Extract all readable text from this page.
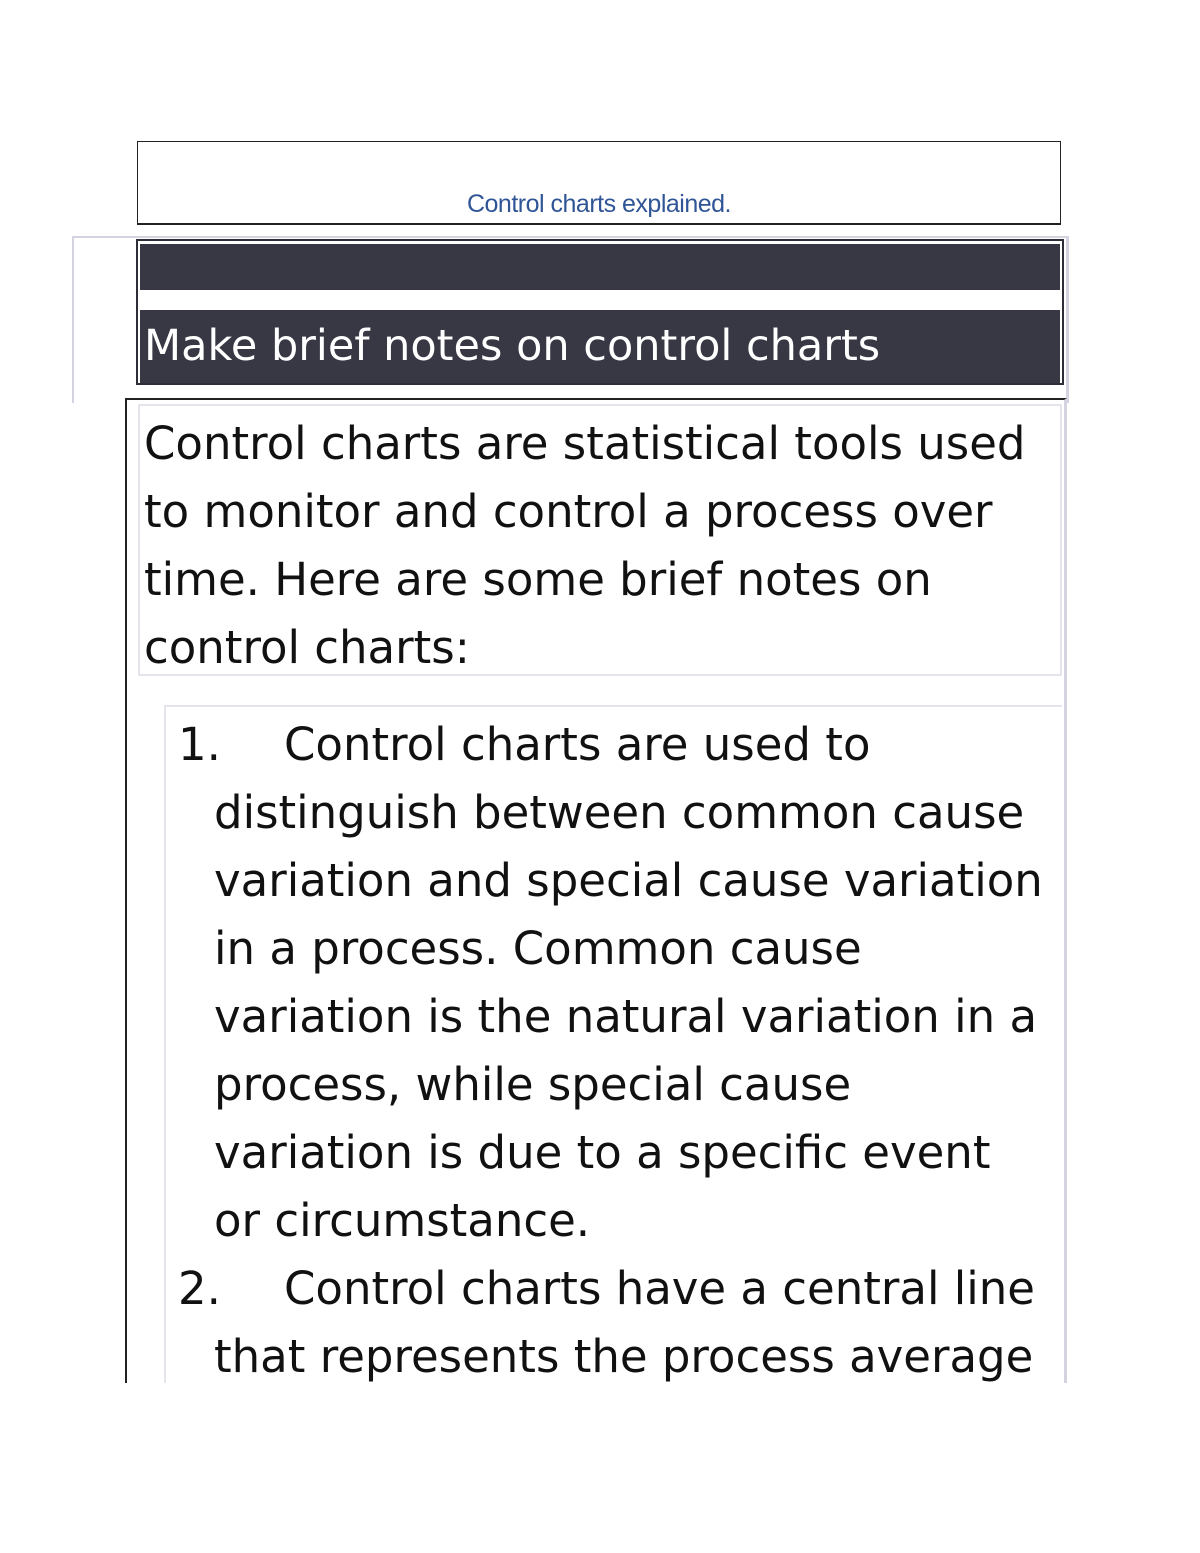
Control charts explained.
Make brief notes on control charts
Control charts are statistical tools used to monitor and control a process over time. Here are some brief notes on control charts:
1. Control charts are used to distinguish between common cause variation and special cause variation in a process. Common cause variation is the natural variation in a process, while special cause variation is due to a specific event or circumstance.
2. Control charts have a central line that represents the process average
